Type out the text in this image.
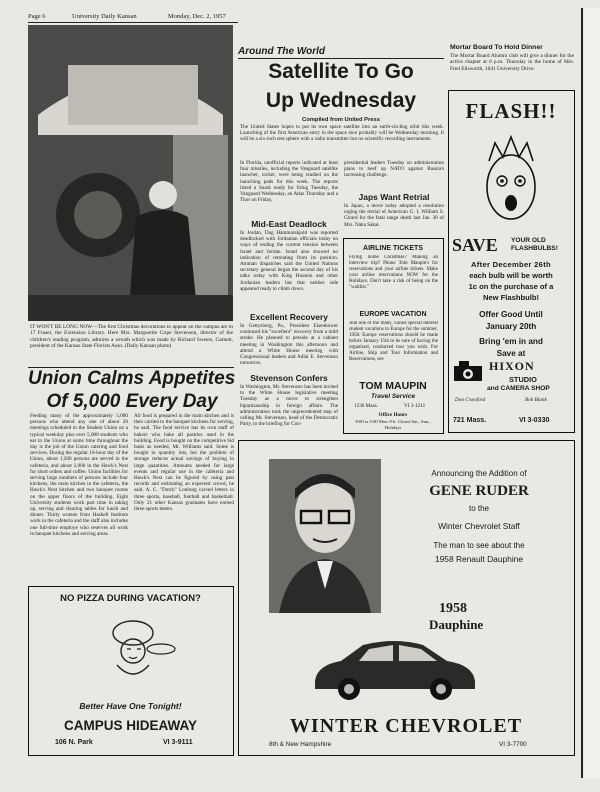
Page 6	University Daily Kansan	Monday, Dec. 2, 1957
IT WON'T BE LONG NOW—The first Christmas decorations to appear on the campus are in 17 Fraser, the Extension Library. Here Mrs. Marguerite Cripe Stevenson, director of the children's reading program, admires a wreath which was made by Richard Sweers, Garnett, president of the Kansas State Florists Assn. (Daily Kansan photo)
Union Calms Appetites
Of 5,000 Every Day
Feeding many of the approximately 5,000 persons who attend any one of about 20 meetings scheduled in the Student Union on a typical weekday plus over 5,000 students who eat in the Union at some time throughout the day is the job of the Union catering and food services. During the regular 16-hour day of the Union, about 1,200 persons are served in the cafeteria, and about 2,000 in the Hawk's Nest for short orders and coffee. Union facilities for serving large numbers of persons include four kitchens, the main kitchen in the cafeteria, the Hawk's Nest kitchen and two banquet rooms on the upper floors of the building. Eight University students work part time in taking up, serving and clearing tables for lunch and dinner. Thirty women from Haskell Institute work in the cafeteria and the staff also includes one full-time employe who reserves all work in banquet kitchens and serving areas.
All food is prepared in the main kitchen and is then carried to the banquet kitchens for serving, he said. The food service has its own staff of bakers who bake all pastries used in the building. Food is bought on the competitive bid basis as needed, Mr. Williams said. Some is bought in quantity lots, but the problem of storage reduces actual savings of buying in large quantities. Amounts needed for large events and regular use in the cafeteria and Hawk's Nest can be figured by using past records and estimating an expected crowd, he said. A. C. "Dutch" Lonborg carved letters in three sports, baseball, football and basketball. Only 21 other Kansas graduates have earned three sports letters.
NO PIZZA DURING VACATION?
Better Have One Tonight!
CAMPUS HIDEAWAY
106 N. Park	VI 3-9111
Around The World
Satellite To Go
Up Wednesday
Compiled from United Press
The United States hopes to put its own space satellite into an earth-circling orbit this week. Launching of the first American entry in the space race probably will be Wednesday morning. It will be a six-inch test sphere with a radio transmitter but no scientific recording instruments.
In Florida, unofficial reports indicated at least four missiles, including the Vanguard satellite launcher, rocket, were being readied on the launching pads for this week. The reports listed a Snark ready for firing Tuesday, the Vanguard Wednesday, an Atlas Thursday and a Thor on Friday.
Mid-East Deadlock
In Jordan, Dag Hammarskjold was reported deadlocked with Jordanian officials today on ways of ending the current tension between Israel and Jordan. Israel also showed no indication of retreating from its position. Amman dispatches said the United Nations secretary general began the second day of his talks today with King Hussein and other Jordanian leaders but that neither side appeared ready to climb down.
Excellent Recovery
In Gettysburg, Pa., President Eisenhower continued his "excellent" recovery from a mild stroke. He planned to preside at a cabinet meeting in Washington this afternoon and attend a White House meeting with Congressional leaders and Adlai E. Stevenson tomorrow.
Stevenson Confers
In Washington, Mr. Stevenson has been invited to the White House legislative meeting Tuesday as a move to strengthen bipartisanship in foreign affairs. The administration took the unprecedented step of calling Mr. Stevenson, head of the Democratic Party, to the briefing for Con-
presidential leaders Tuesday on administration plans to beef up NATO against Russia's increasing challenge.
Japs Want Retrial
In Japan, a move today adopted a resolution urging the retrial of American G. I. William S. Girard for the fatal range death last Jan. 30 of Mrs. Naka Sakai.
AIRLINE TICKETS
Flying home Christmas? Making an interview trip? Phone Tom Maupin's for reservations and your airline tickets. Make your airline reservations NOW for the Holidays. Don't take a risk of being on the "waitlist."
EUROPE VACATION
Join one of the many, varied special interest student vacations to Europe for the summer, 1958. Europe reservations should be made before January 15th to be sure of having the organized, conducted tour you wish. For Airline, Ship and Tour Information and Reservations, see
TOM MAUPIN
Travel Service
1236 Mass.	VI 3-1211
Office Hours
8:00 to 5:00 Mon.-Fri. Closed Sat., Sun., Holidays
Mortar Board To Hold Dinner
The Mortar Board Alumni club will give a dinner for the active chapter at 6 p.m. Thursday in the home of Mrs. Fred Ellsworth, 1641 University Drive.
FLASH!!
SAVE YOUR OLD FLASHBULBS!
After December 26th
each bulb will be worth
1c on the purchase of a
New Flashbulb!
Offer Good Until
January 20th
Bring 'em in and
Save at
HIXON
STUDIO
and CAMERA SHOP
Don Crawford	Bob Blank
721 Mass.	VI 3-0330
Announcing the Addition of
GENE RUDER
to the
Winter Chevrolet Staff
The man to see about the
1958 Renault Dauphine
1958
Dauphine
WINTER CHEVROLET
8th & New Hampshire	VI 3-7700
